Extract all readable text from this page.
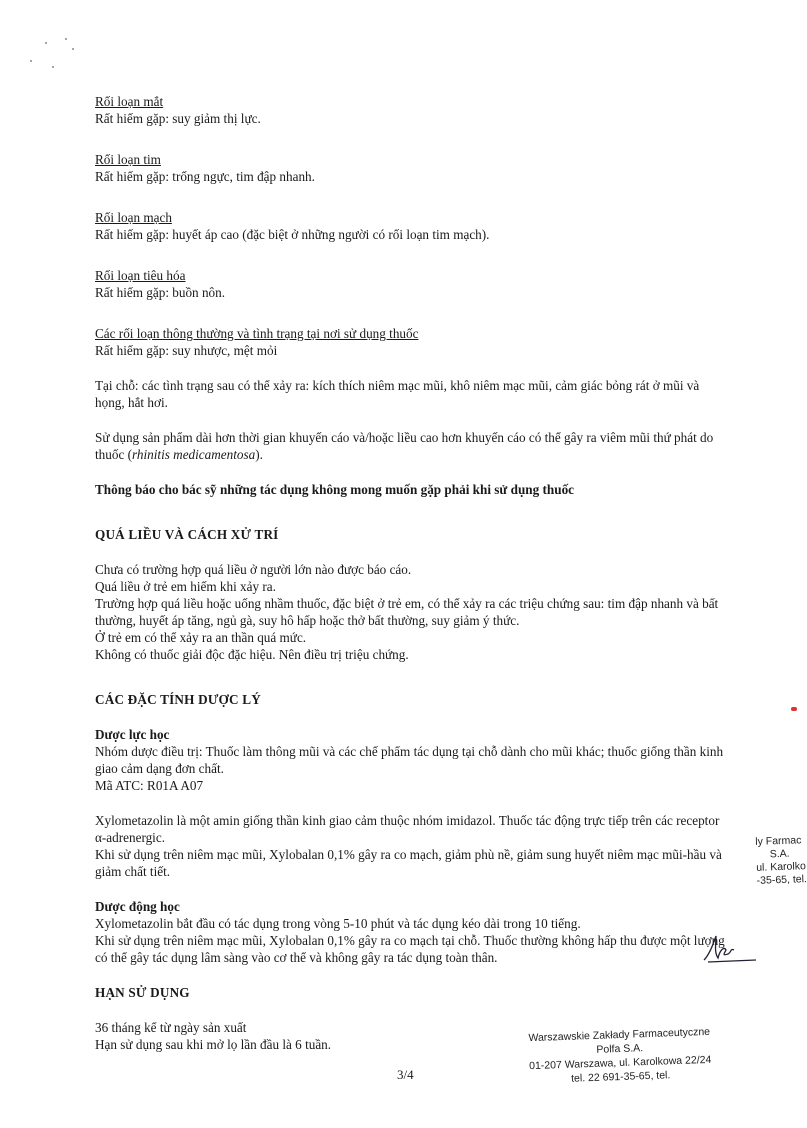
Rối loạn mắt

Rất hiếm gặp: suy giảm thị lực.

Rối loạn tim

Rất hiếm gặp: trống ngực, tim đập nhanh.

Rối loạn mạch

Rất hiếm gặp: huyết áp cao (đặc biệt ở những người có rối loạn tim mạch).

Rối loạn tiêu hóa

Rất hiếm gặp: buồn nôn.

Các rối loạn thông thường và tình trạng tại nơi sử dụng thuốc

Rất hiếm gặp: suy nhược, mệt mỏi

Tại chỗ: các tình trạng sau có thể xảy ra: kích thích niêm mạc mũi, khô niêm mạc mũi, cảm giác bỏng rát ở mũi và họng, hắt hơi.

Sử dụng sản phẩm dài hơn thời gian khuyến cáo và/hoặc liều cao hơn khuyến cáo có thể gây ra viêm mũi thứ phát do thuốc (rhinitis medicamentosa).

Thông báo cho bác sỹ những tác dụng không mong muốn gặp phải khi sử dụng thuốc

QUÁ LIỀU VÀ CÁCH XỬ TRÍ

Chưa có trường hợp quá liều ở người lớn nào được báo cáo.

Quá liều ở trẻ em hiếm khi xảy ra.

Trường hợp quá liều hoặc uống nhầm thuốc, đặc biệt ở trẻ em, có thể xảy ra các triệu chứng sau: tim đập nhanh và bất thường, huyết áp tăng, ngủ gà, suy hô hấp hoặc thở bất thường, suy giảm ý thức.

Ở trẻ em có thể xảy ra an thần quá mức.

Không có thuốc giải độc đặc hiệu. Nên điều trị triệu chứng.

CÁC ĐẶC TÍNH DƯỢC LÝ

Dược lực học

Nhóm dược điều trị: Thuốc làm thông mũi và các chế phẩm tác dụng tại chỗ dành cho mũi khác; thuốc giống thần kinh giao cảm dạng đơn chất.

Mã ATC: R01A A07

Xylometazolin là một amin giống thần kinh giao cảm thuộc nhóm imidazol. Thuốc tác động trực tiếp trên các receptor α-adrenergic.

Khi sử dụng trên niêm mạc mũi, Xylobalan 0,1% gây ra co mạch, giảm phù nề, giảm sung huyết niêm mạc mũi-hầu và giảm chất tiết.

Dược động học

Xylometazolin bắt đầu có tác dụng trong vòng 5-10 phút và tác dụng kéo dài trong 10 tiếng.

Khi sử dụng trên niêm mạc mũi, Xylobalan 0,1% gây ra co mạch tại chỗ. Thuốc thường không hấp thu được một lượng có thể gây tác dụng lâm sàng vào cơ thể và không gây ra tác dụng toàn thân.

HẠN SỬ DỤNG

36 tháng kể từ ngày sản xuất

Hạn sử dụng sau khi mở lọ lần đầu là 6 tuần.

ly Farmac
S.A.
ul. Karolko
-35-65, tel.
Warszawskie Zakłady Farmaceutyczne
Polfa S.A.
01-207 Warszawa, ul. Karolkowa 22/24
tel. 22 691-35-65, tel.
3/4
